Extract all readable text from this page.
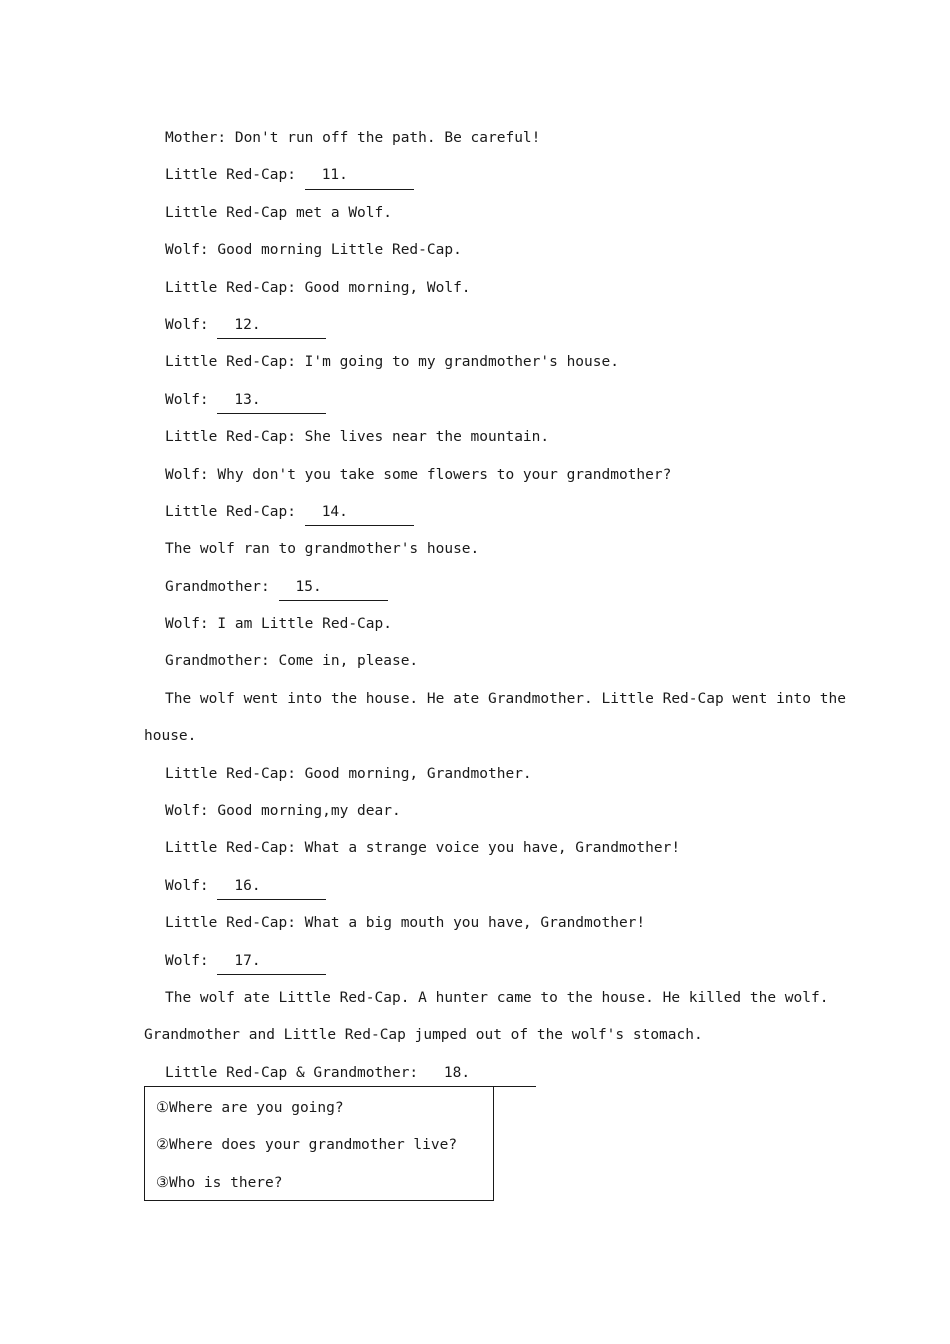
Mother: Don't run off the path. Be careful!
Little Red-Cap: 11.
Little Red-Cap met a Wolf.
Wolf: Good morning Little Red-Cap.
Little Red-Cap: Good morning, Wolf.
Wolf: 12.
Little Red-Cap: I'm going to my grandmother's house.
Wolf: 13.
Little Red-Cap: She lives near the mountain.
Wolf: Why don't you take some flowers to your grandmother?
Little Red-Cap: 14.
The wolf ran to grandmother's house.
Grandmother: 15.
Wolf: I am Little Red-Cap.
Grandmother: Come in, please.
The wolf went into the house. He ate Grandmother. Little Red-Cap went into the
house.
Little Red-Cap: Good morning, Grandmother.
Wolf: Good morning,my dear.
Little Red-Cap: What a strange voice you have, Grandmother!
Wolf: 16.
Little Red-Cap: What a big mouth you have, Grandmother!
Wolf: 17.
The wolf ate Little Red-Cap. A hunter came to the house. He killed the wolf.
Grandmother and Little Red-Cap jumped out of the wolf's stomach.
Little Red-Cap & Grandmother: 18.
①Where are you going?
②Where does your grandmother live?
③Who is there?
